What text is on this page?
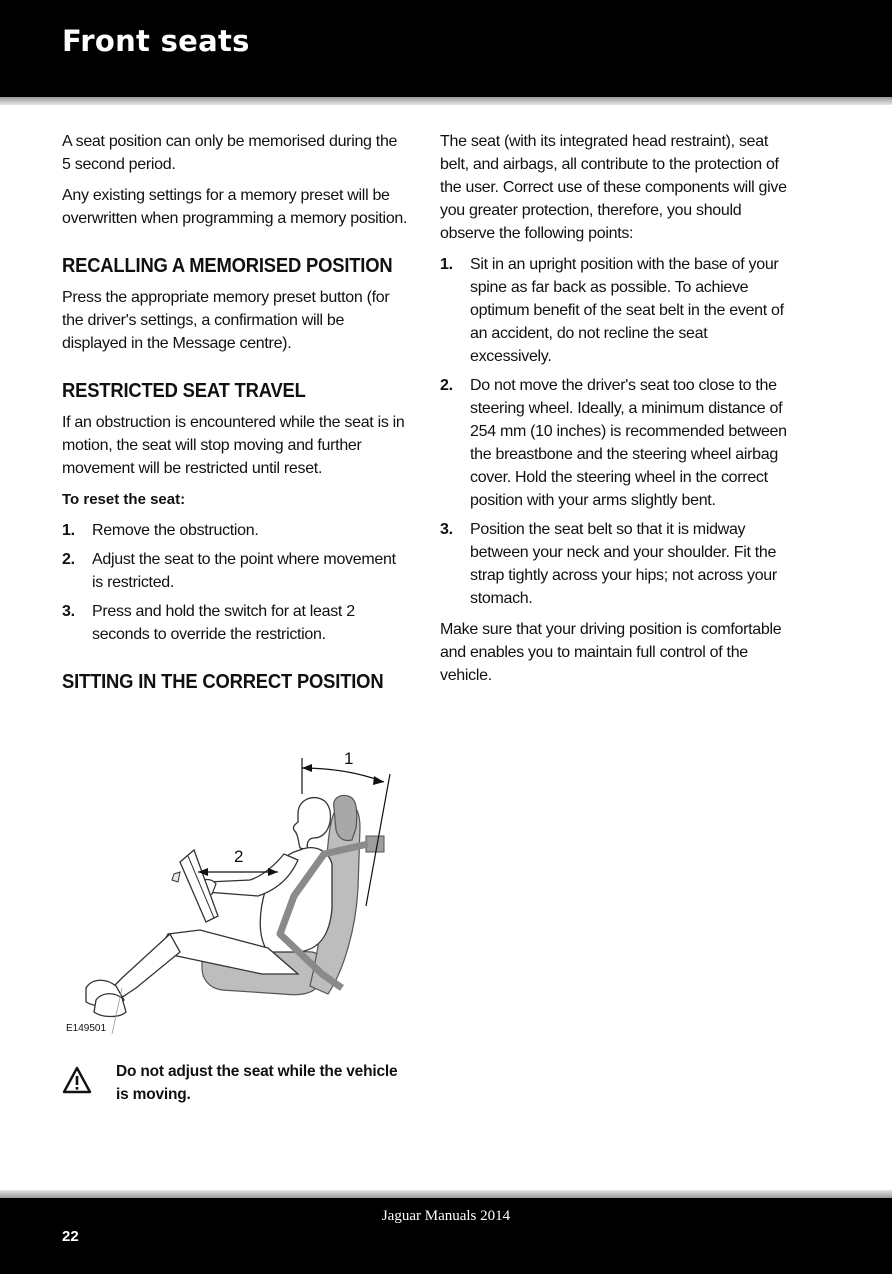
Front seats

A seat position can only be memorised during the 5 second period.

Any existing settings for a memory preset will be overwritten when programming a memory position.

RECALLING A MEMORISED POSITION

Press the appropriate memory preset button (for the driver's settings, a confirmation will be displayed in the Message centre).

RESTRICTED SEAT TRAVEL

If an obstruction is encountered while the seat is in motion, the seat will stop moving and further movement will be restricted until reset.

To reset the seat:
1. Remove the obstruction.
2. Adjust the seat to the point where movement is restricted.
3. Press and hold the switch for at least 2 seconds to override the restriction.
SITTING IN THE CORRECT POSITION
1
2
E149501
Do not adjust the seat while the vehicle is moving.

The seat (with its integrated head restraint), seat belt, and airbags, all contribute to the protection of the user. Correct use of these components will give you greater protection, therefore, you should observe the following points:

1. Sit in an upright position with the base of your spine as far back as possible. To achieve optimum benefit of the seat belt in the event of an accident, do not recline the seat excessively.
2. Do not move the driver's seat too close to the steering wheel. Ideally, a minimum distance of 254 mm (10 inches) is recommended between the breastbone and the steering wheel airbag cover. Hold the steering wheel in the correct position with your arms slightly bent.
3. Position the seat belt so that it is midway between your neck and your shoulder. Fit the strap tightly across your hips; not across your stomach.

Make sure that your driving position is comfortable and enables you to maintain full control of the vehicle.

Jaguar Manuals 2014
22
